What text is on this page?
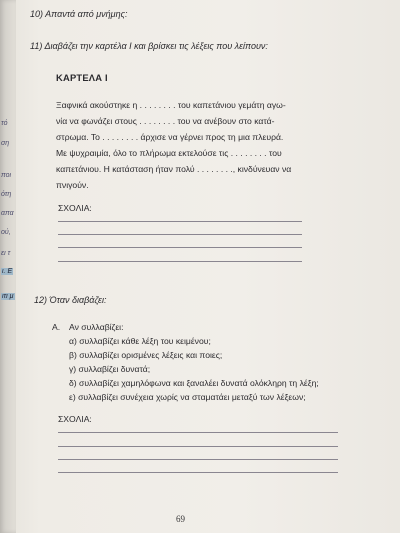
τό
ση
ποι
ότη
απα
ού,
ει τ
ι. Ε
ιτι μ
10) Απαντά από μνήμης:
11) Διαβάζει την καρτέλα Ι και βρίσκει τις λέξεις που λείπουν:
ΚΑΡΤΕΛΑ Ι
Ξαφνικά ακούστηκε η . . . . . . . . του καπετάνιου γεμάτη αγω-
νία να φωνάζει στους . . . . . . . . του να ανέβουν στο κατά-
στρωμα. Το . . . . . . . . άρχισε να γέρνει προς τη μια πλευρά.
Με ψυχραιμία, όλο το πλήρωμα εκτελούσε τις . . . . . . . . του
καπετάνιου. Η κατάσταση ήταν πολύ . . . . . . . ., κινδύνευαν να
πνιγούν.
ΣΧΟΛΙΑ:
12) Όταν διαβάζει:
A. Αν συλλαβίζει:
α) συλλαβίζει κάθε λέξη του κειμένου;
β) συλλαβίζει ορισμένες λέξεις και ποιες;
γ) συλλαβίζει δυνατά;
δ) συλλαβίζει χαμηλόφωνα και ξαναλέει δυνατά ολόκληρη τη λέξη;
ε) συλλαβίζει συνέχεια χωρίς να σταματάει μεταξύ των λέξεων;
ΣΧΟΛΙΑ:
69
